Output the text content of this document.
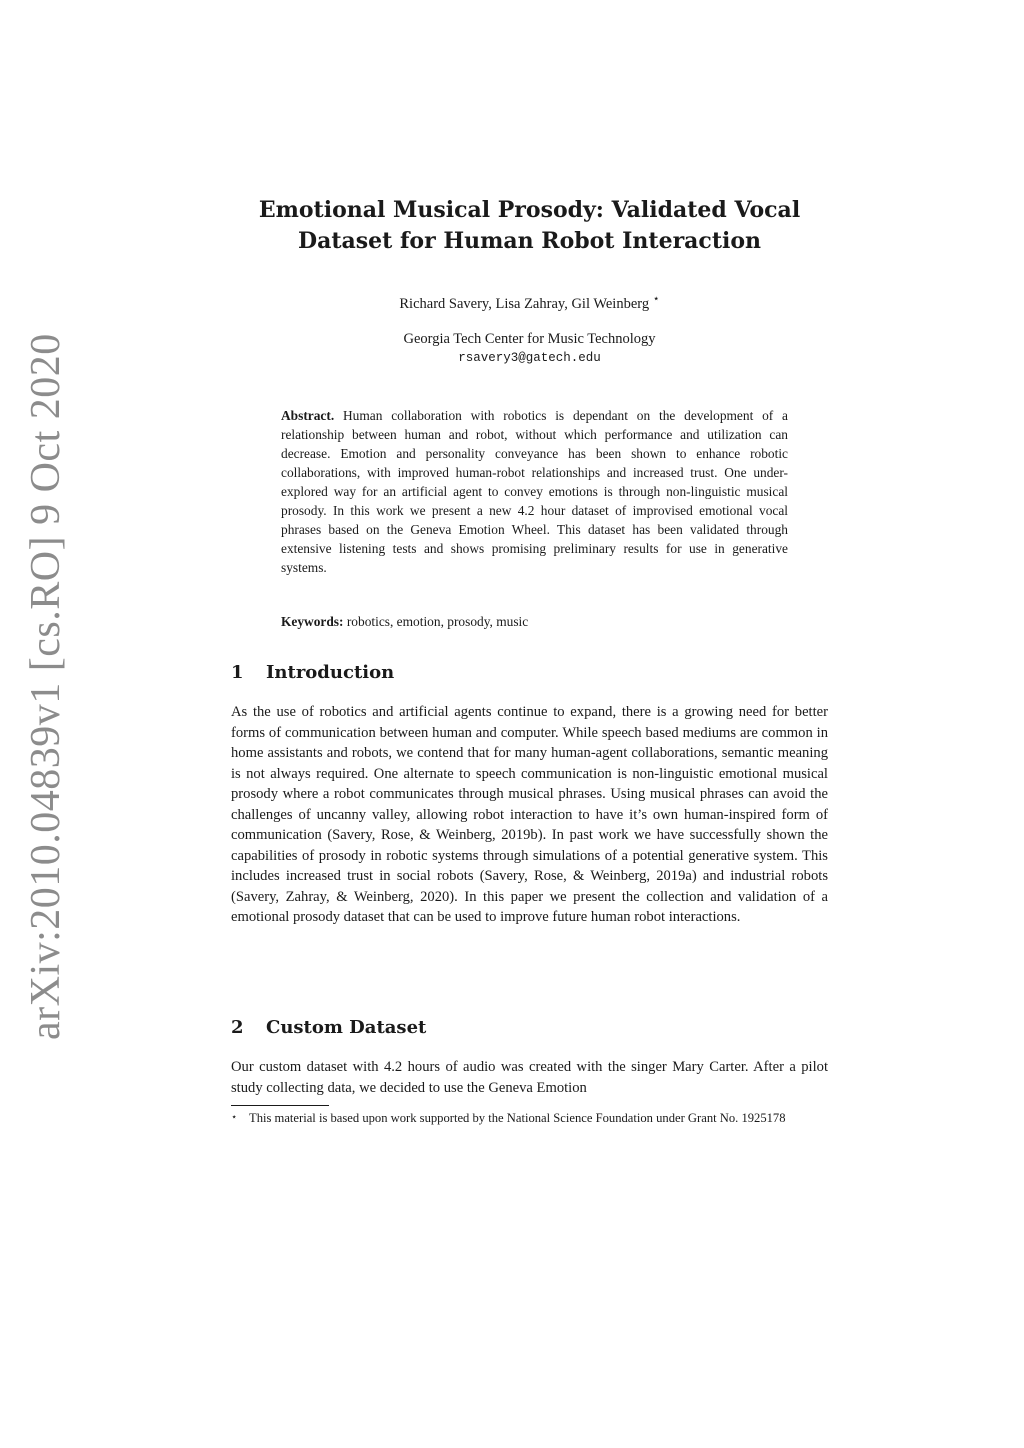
arXiv:2010.04839v1 [cs.RO] 9 Oct 2020
Emotional Musical Prosody: Validated Vocal
Dataset for Human Robot Interaction
Richard Savery, Lisa Zahray, Gil Weinberg ⋆
Georgia Tech Center for Music Technology
rsavery3@gatech.edu
Abstract. Human collaboration with robotics is dependant on the development of a relationship between human and robot, without which performance and utilization can decrease. Emotion and personality conveyance has been shown to enhance robotic collaborations, with improved human-robot relationships and increased trust. One under-explored way for an artificial agent to convey emotions is through non-linguistic musical prosody. In this work we present a new 4.2 hour dataset of improvised emotional vocal phrases based on the Geneva Emotion Wheel. This dataset has been validated through extensive listening tests and shows promising preliminary results for use in generative systems.
Keywords: robotics, emotion, prosody, music
1 Introduction
As the use of robotics and artificial agents continue to expand, there is a growing need for better forms of communication between human and computer. While speech based mediums are common in home assistants and robots, we contend that for many human-agent collaborations, semantic meaning is not always required. One alternate to speech communication is non-linguistic emotional musical prosody where a robot communicates through musical phrases. Using musical phrases can avoid the challenges of uncanny valley, allowing robot interaction to have it’s own human-inspired form of communication (Savery, Rose, & Weinberg, 2019b). In past work we have successfully shown the capabilities of prosody in robotic systems through simulations of a potential generative system. This includes increased trust in social robots (Savery, Rose, & Weinberg, 2019a) and industrial robots (Savery, Zahray, & Weinberg, 2020). In this paper we present the collection and validation of a emotional prosody dataset that can be used to improve future human robot interactions.
2 Custom Dataset
Our custom dataset with 4.2 hours of audio was created with the singer Mary Carter. After a pilot study collecting data, we decided to use the Geneva Emotion
⋆ This material is based upon work supported by the National Science Foundation under Grant No. 1925178
